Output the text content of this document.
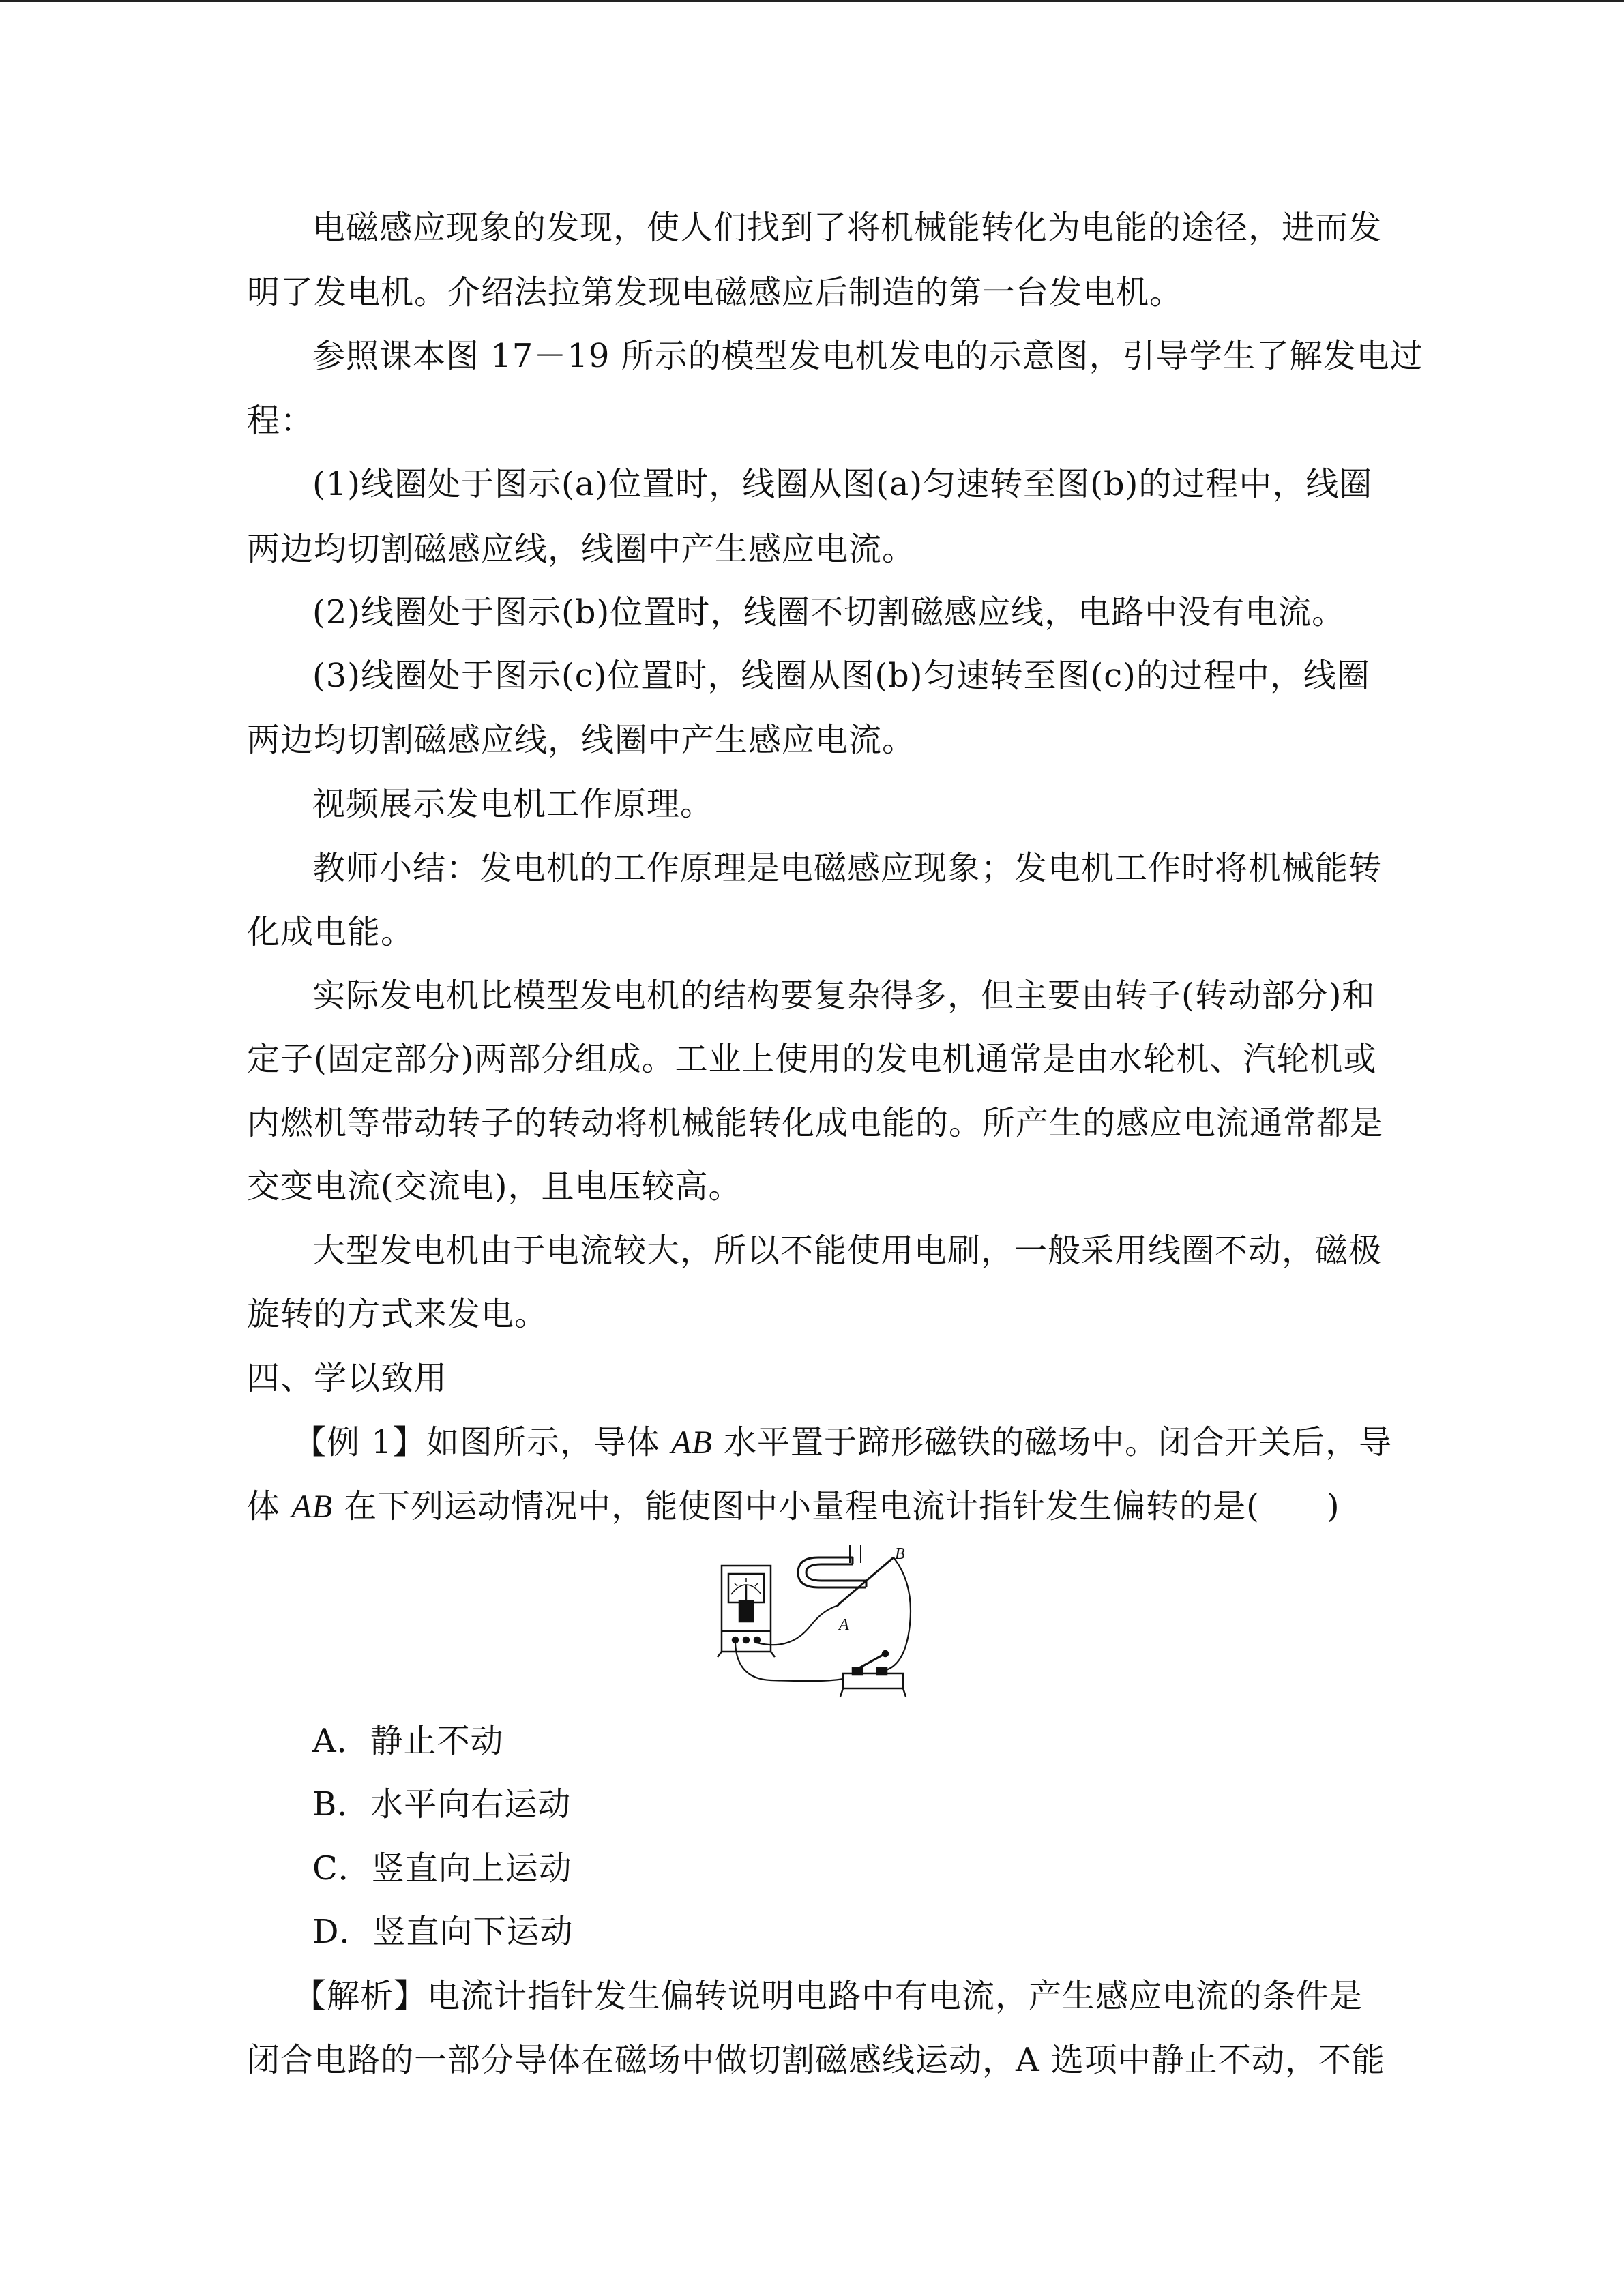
电磁感应现象的发现，使人们找到了将机械能转化为电能的途径，进而发

明了发电机。介绍法拉第发现电磁感应后制造的第一台发电机。

参照课本图 17－19 所示的模型发电机发电的示意图，引导学生了解发电过

程：

(1)线圈处于图示(a)位置时，线圈从图(a)匀速转至图(b)的过程中，线圈

两边均切割磁感应线，线圈中产生感应电流。

(2)线圈处于图示(b)位置时，线圈不切割磁感应线，电路中没有电流。

(3)线圈处于图示(c)位置时，线圈从图(b)匀速转至图(c)的过程中，线圈

两边均切割磁感应线，线圈中产生感应电流。

视频展示发电机工作原理。

教师小结：发电机的工作原理是电磁感应现象；发电机工作时将机械能转

化成电能。

实际发电机比模型发电机的结构要复杂得多，但主要由转子(转动部分)和

定子(固定部分)两部分组成。工业上使用的发电机通常是由水轮机、汽轮机或

内燃机等带动转子的转动将机械能转化成电能的。所产生的感应电流通常都是

交变电流(交流电)，且电压较高。

大型发电机由于电流较大，所以不能使用电刷，一般采用线圈不动，磁极

旋转的方式来发电。

四、学以致用

【例 1】如图所示，导体 AB 水平置于蹄形磁铁的磁场中。闭合开关后，导

体 AB 在下列运动情况中，能使图中小量程电流计指针发生偏转的是(　　)

B
A

A．静止不动

B．水平向右运动

C．竖直向上运动

D．竖直向下运动

【解析】电流计指针发生偏转说明电路中有电流，产生感应电流的条件是

闭合电路的一部分导体在磁场中做切割磁感线运动，A 选项中静止不动，不能
